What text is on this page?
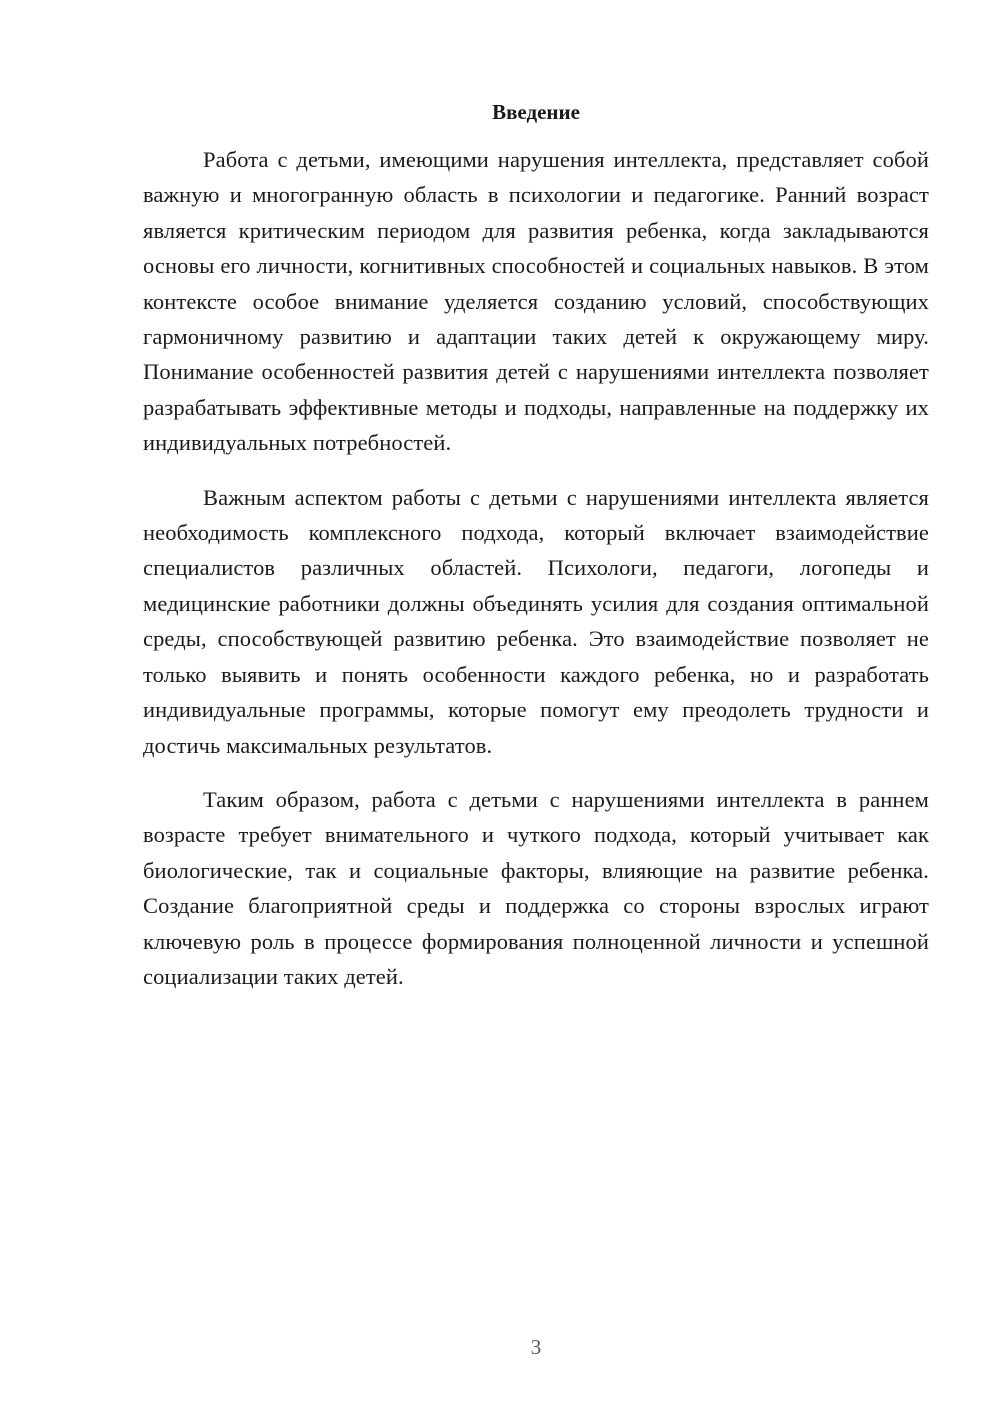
Введение

Работа с детьми, имеющими нарушения интеллекта, представляет собой важную и многогранную область в психологии и педагогике. Ранний возраст является критическим периодом для развития ребенка, когда закладываются основы его личности, когнитивных способностей и социальных навыков. В этом контексте особое внимание уделяется созданию условий, способствующих гармоничному развитию и адаптации таких детей к окружающему миру. Понимание особенностей развития детей с нарушениями интеллекта позволяет разрабатывать эффективные методы и подходы, направленные на поддержку их индивидуальных потребностей.

Важным аспектом работы с детьми с нарушениями интеллекта является необходимость комплексного подхода, который включает взаимодействие специалистов различных областей. Психологи, педагоги, логопеды и медицинские работники должны объединять усилия для создания оптимальной среды, способствующей развитию ребенка. Это взаимодействие позволяет не только выявить и понять особенности каждого ребенка, но и разработать индивидуальные программы, которые помогут ему преодолеть трудности и достичь максимальных результатов.

Таким образом, работа с детьми с нарушениями интеллекта в раннем возрасте требует внимательного и чуткого подхода, который учитывает как биологические, так и социальные факторы, влияющие на развитие ребенка. Создание благоприятной среды и поддержка со стороны взрослых играют ключевую роль в процессе формирования полноценной личности и успешной социализации таких детей.

3
